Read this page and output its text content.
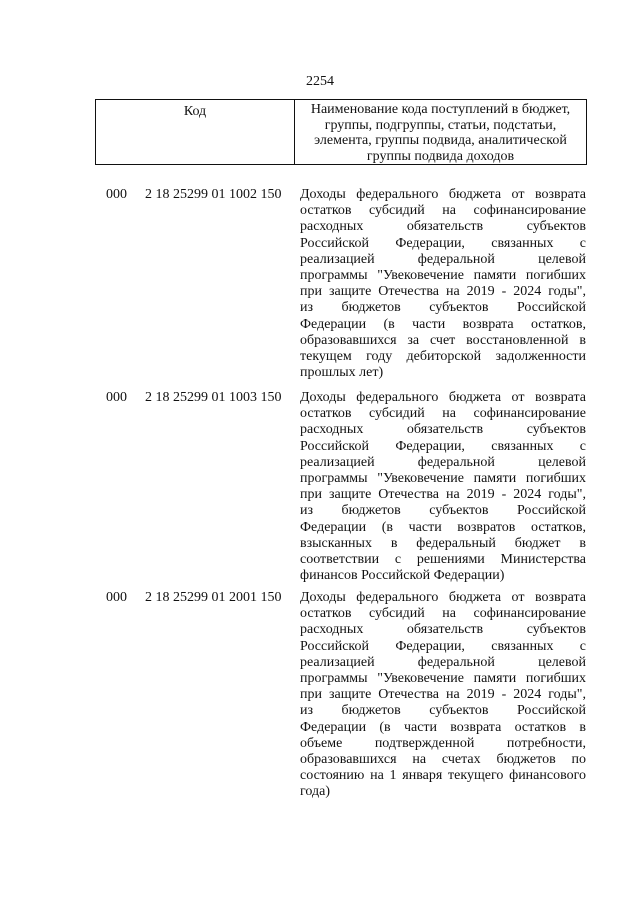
2254
Код	Наименование кода поступлений в бюджет,
группы, подгруппы, статьи, подстатьи,
элемента, группы подвида, аналитической
группы подвида доходов
000 2 18 25299 01 1002 150 Доходы федерального бюджета от возврата
остатков субсидий на софинансирование
расходных обязательств субъектов
Российской Федерации, связанных с
реализацией федеральной целевой
программы "Увековечение памяти погибших
при защите Отечества на 2019 - 2024 годы",
из бюджетов субъектов Российской
Федерации (в части возврата остатков,
образовавшихся за счет восстановленной в
текущем году дебиторской задолженности
прошлых лет)
000 2 18 25299 01 1003 150 Доходы федерального бюджета от возврата
остатков субсидий на софинансирование
расходных обязательств субъектов
Российской Федерации, связанных с
реализацией федеральной целевой
программы "Увековечение памяти погибших
при защите Отечества на 2019 - 2024 годы",
из бюджетов субъектов Российской
Федерации (в части возвратов остатков,
взысканных в федеральный бюджет в
соответствии с решениями Министерства
финансов Российской Федерации)
000 2 18 25299 01 2001 150 Доходы федерального бюджета от возврата
остатков субсидий на софинансирование
расходных обязательств субъектов
Российской Федерации, связанных с
реализацией федеральной целевой
программы "Увековечение памяти погибших
при защите Отечества на 2019 - 2024 годы",
из бюджетов субъектов Российской
Федерации (в части возврата остатков в
объеме подтвержденной потребности,
образовавшихся на счетах бюджетов по
состоянию на 1 января текущего финансового
года)
